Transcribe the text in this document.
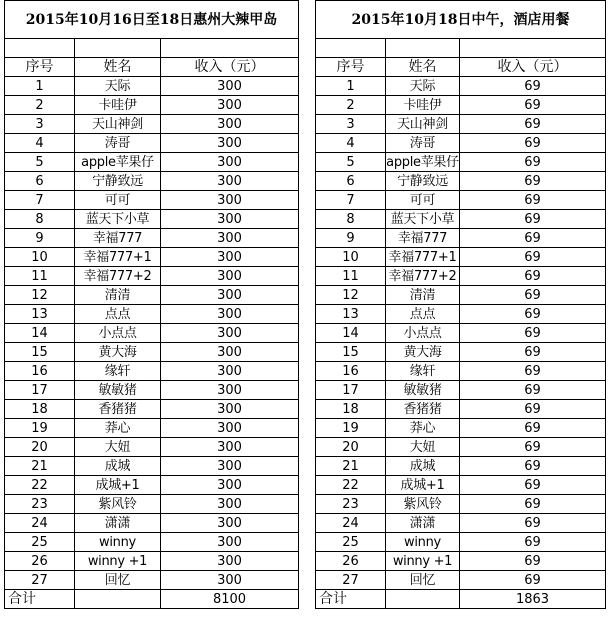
2015年10月16日至18日惠州大辣甲岛		

序号	姓名	收入（元）
1	天际	300
2	卡哇伊	300
3	天山神剑	300
4	涛哥	300
5	apple苹果仔	300
6	宁静致远	300
7	可可	300
8	蓝天下小草	300
9	幸福777	300
10	幸福777+1	300
11	幸福777+2	300
12	清清	300
13	点点	300
14	小点点	300
15	黄大海	300
16	缘轩	300
17	敏敏猪	300
18	香猪猪	300
19	莽心	300
20	大妞	300
21	成城	300
22	成城+1	300
23	紫风铃	300
24	潇潇	300
25	winny	300
26	winny +1	300
27	回忆	300
合计		8100
2015年10月18日中午，酒店用餐		

序号	姓名	收入（元）
1	天际	69
2	卡哇伊	69
3	天山神剑	69
4	涛哥	69
5	apple苹果仔	69
6	宁静致远	69
7	可可	69
8	蓝天下小草	69
9	幸福777	69
10	幸福777+1	69
11	幸福777+2	69
12	清清	69
13	点点	69
14	小点点	69
15	黄大海	69
16	缘轩	69
17	敏敏猪	69
18	香猪猪	69
19	莽心	69
20	大妞	69
21	成城	69
22	成城+1	69
23	紫风铃	69
24	潇潇	69
25	winny	69
26	winny +1	69
27	回忆	69
合计		1863
